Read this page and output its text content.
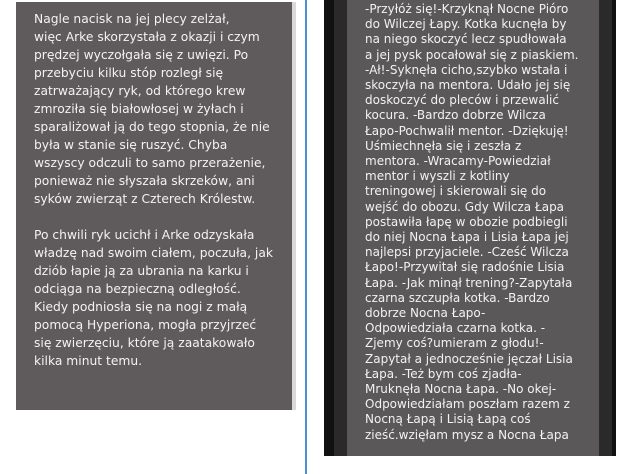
Nagle nacisk na jej plecy zelżał,
więc Arke skorzystała z okazji i czym
prędzej wyczołgała się z uwięzi. Po
przebyciu kilku stóp rozległ się
zatrważający ryk, od którego krew
zmroziła się białowłosej w żyłach i
sparaliżował ją do tego stopnia, że nie
była w stanie się ruszyć. Chyba
wszyscy odczuli to samo przerażenie,
ponieważ nie słyszała skrzeków, ani
syków zwierząt z Czterech Królestw.

Po chwili ryk ucichł i Arke odzyskała
władzę nad swoim ciałem, poczuła, jak
dziób łapie ją za ubrania na karku i
odciąga na bezpieczną odległość.
Kiedy podniosła się na nogi z małą
pomocą Hyperiona, mogła przyjrzeć
się zwierzęciu, które ją zaatakowało
kilka minut temu.

-Przyłóż się!-Krzyknął Nocne Pióro
do Wilczej Łapy. Kotka kucnęła by
na niego skoczyć lecz spudłowała
a jej pysk pocałował się z piaskiem.
-Ał!-Syknęła cicho,szybko wstała i
skoczyła na mentora. Udało jej się
doskoczyć do pleców i przewalić
kocura. -Bardzo dobrze Wilcza
Łapo-Pochwalił mentor. -Dziękuję!
Uśmiechnęła się i zeszła z
mentora. -Wracamy-Powiedział
mentor i wyszli z kotliny
treningowej i skierowali się do
wejść do obozu. Gdy Wilcza Łapa
postawiła łapę w obozie podbiegli
do niej Nocna Łapa i Lisia Łapa jej
najlepsi przyjaciele. -Cześć Wilcza
Łapo!-Przywitał się radośnie Lisia
Łapa. -Jak minął trening?-Zapytała
czarna szczupła kotka. -Bardzo
dobrze Nocna Łapo-
Odpowiedziała czarna kotka. -
Zjemy coś?umieram z głodu!-
Zapytał a jednocześnie jęczał Lisia
Łapa. -Też bym coś zjadła-
Mruknęła Nocna Łapa. -No okej-
Odpowiedziałam poszłam razem z
Nocną Łapą i Lisią Łapą coś
zieść.wzięłam mysz a Nocna Łapa
